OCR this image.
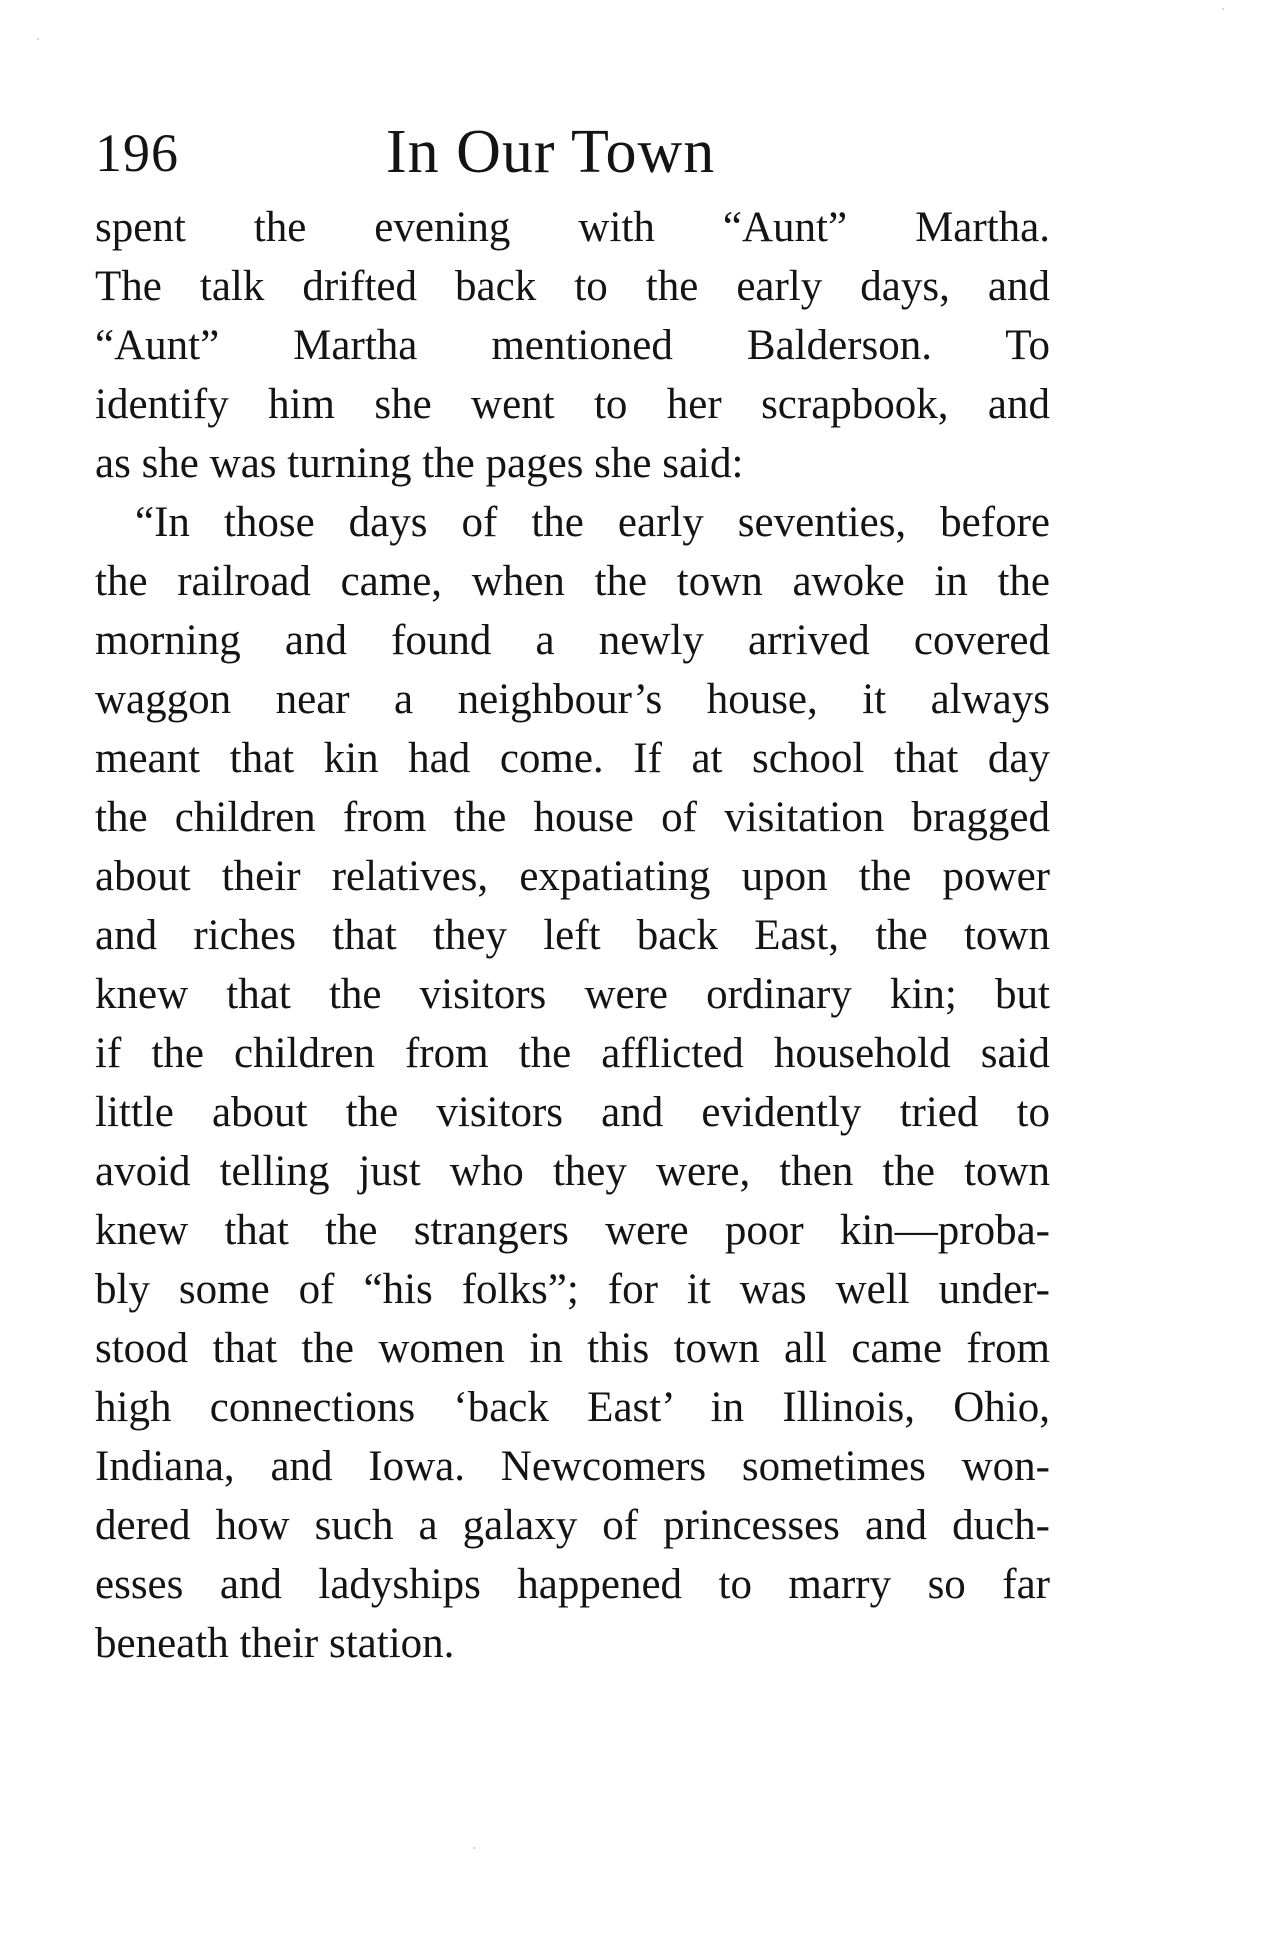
196	In Our Town
spent the evening with “Aunt” Martha.
The talk drifted back to the early days, and
“Aunt” Martha mentioned Balderson. To
identify him she went to her scrapbook, and
as she was turning the pages she said:
“In those days of the early seventies, before
the railroad came, when the town awoke in the
morning and found a newly arrived covered
waggon near a neighbour’s house, it always
meant that kin had come. If at school that day
the children from the house of visitation bragged
about their relatives, expatiating upon the power
and riches that they left back East, the town
knew that the visitors were ordinary kin; but
if the children from the afflicted household said
little about the visitors and evidently tried to
avoid telling just who they were, then the town
knew that the strangers were poor kin—proba-
bly some of “his folks”; for it was well under-
stood that the women in this town all came from
high connections ‘back East’ in Illinois, Ohio,
Indiana, and Iowa. Newcomers sometimes won-
dered how such a galaxy of princesses and duch-
esses and ladyships happened to marry so far
beneath their station.
